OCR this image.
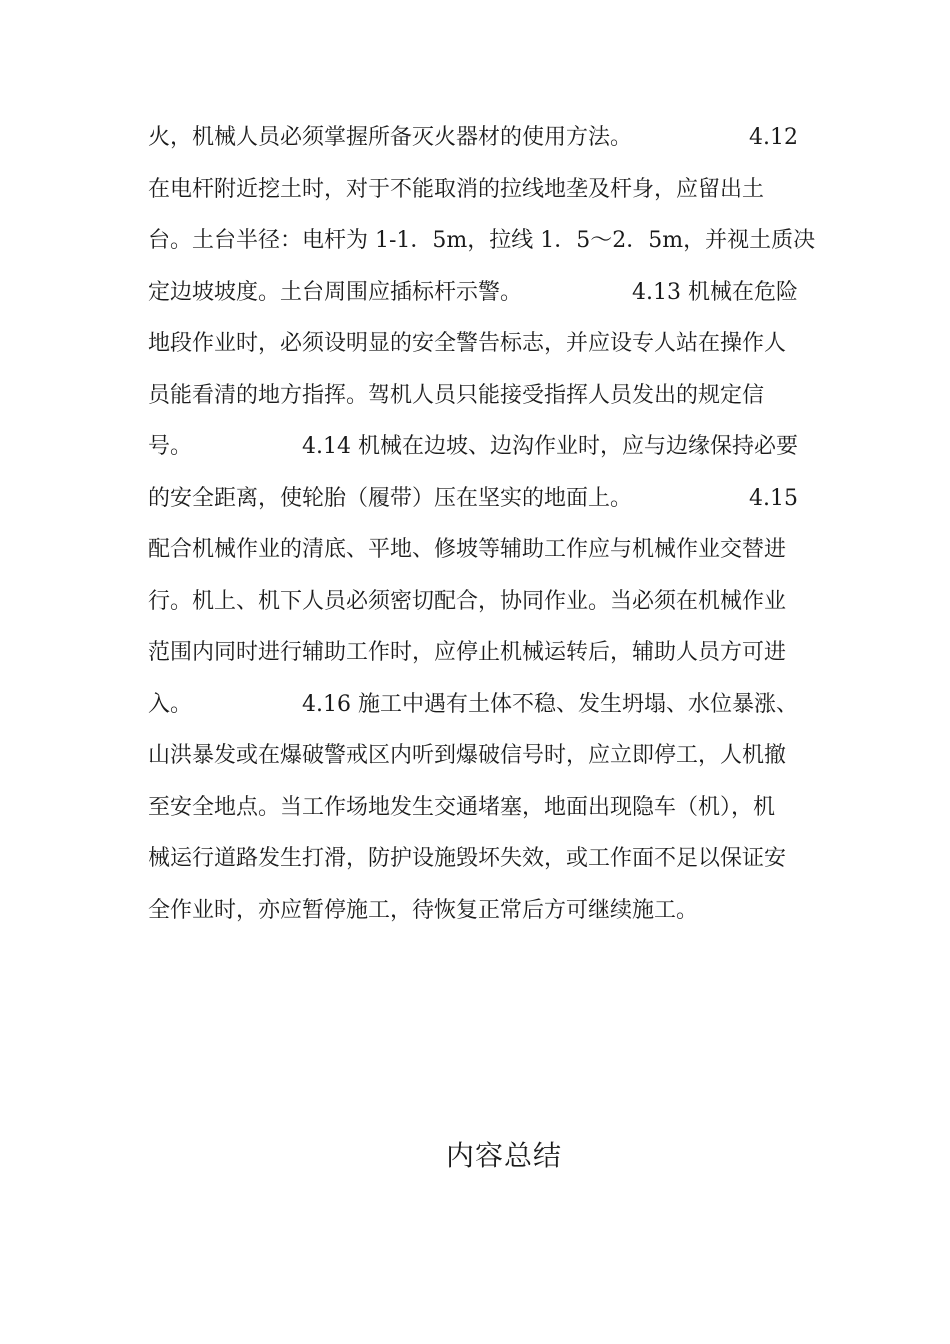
火，机械人员必须掌握所备灭火器材的使用方法。	4.12
在电杆附近挖土时，对于不能取消的拉线地垄及杆身，应留出土
台。土台半径：电杆为 1-1．5m，拉线 1．5～2．5m，并视土质决
定边坡坡度。土台周围应插标杆示警。	4.13 机械在危险
地段作业时，必须设明显的安全警告标志，并应设专人站在操作人
员能看清的地方指挥。驾机人员只能接受指挥人员发出的规定信
号。	4.14 机械在边坡、边沟作业时，应与边缘保持必要
的安全距离，使轮胎（履带）压在坚实的地面上。	4.15
配合机械作业的清底、平地、修坡等辅助工作应与机械作业交替进
行。机上、机下人员必须密切配合，协同作业。当必须在机械作业
范围内同时进行辅助工作时，应停止机械运转后，辅助人员方可进
入。	4.16 施工中遇有土体不稳、发生坍塌、水位暴涨、
山洪暴发或在爆破警戒区内听到爆破信号时，应立即停工，人机撤
至安全地点。当工作场地发生交通堵塞，地面出现隐车（机），机
械运行道路发生打滑，防护设施毁坏失效，或工作面不足以保证安
全作业时，亦应暂停施工，待恢复正常后方可继续施工。
内容总结
